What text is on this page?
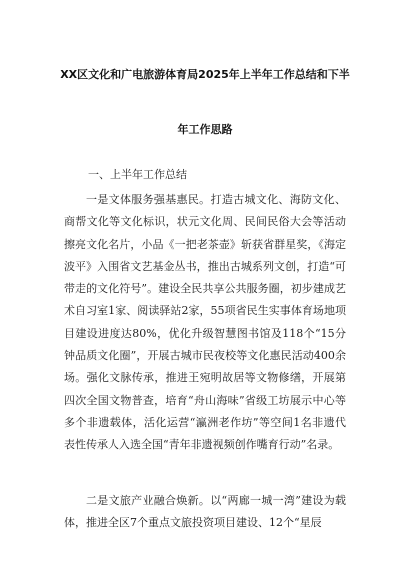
XX区文化和广电旅游体育局2025年上半年工作总结和下半
年工作思路
一、上半年工作总结
一是文体服务强基惠民。打造古城文化、海防文化、商帮文化等文化标识，状元文化周、民间民俗大会等活动擦亮文化名片，小品《一把老茶壶》斩获省群星奖，《海定波平》入围省文艺基金丛书，推出古城系列文创，打造“可带走的文化符号”。建设全民共享公共服务圈，初步建成艺术自习室1家、阅读驿站2家，55项省民生实事体育场地项目建设进度达80%，优化升级智慧图书馆及118个“15分钟品质文化圈”，开展古城市民夜校等文化惠民活动400余场。强化文脉传承，推进王宛明故居等文物修缮，开展第四次全国文物普查，培育“舟山海味”省级工坊展示中心等多个非遗载体，活化运营“瀛洲老作坊”等空间1名非遗代表性传承人入选全国“青年非遗视频创作嘴育行动”名录。
二是文旅产业融合焕新。以“两廊一城一湾”建设为载体，推进全区7个重点文旅投资项目建设、12个“星辰
